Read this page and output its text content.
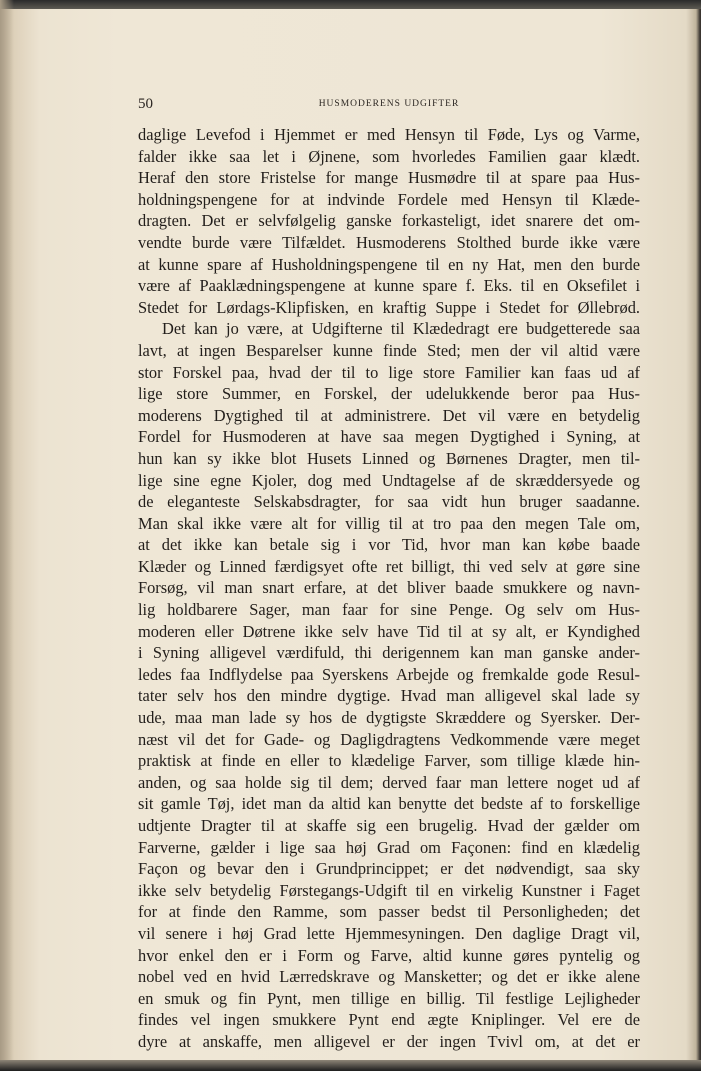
50	HUSMODERENS UDGIFTER
daglige Levefod i Hjemmet er med Hensyn til Føde, Lys og Varme,
falder ikke saa let i Øjnene, som hvorledes Familien gaar klædt.
Heraf den store Fristelse for mange Husmødre til at spare paa Hus-
holdningspengene for at indvinde Fordele med Hensyn til Klæde-
dragten. Det er selvfølgelig ganske forkasteligt, idet snarere det om-
vendte burde være Tilfældet. Husmoderens Stolthed burde ikke være
at kunne spare af Husholdningspengene til en ny Hat, men den burde
være af Paaklædningspengene at kunne spare f. Eks. til en Oksefilet i
Stedet for Lørdags-Klipfisken, en kraftig Suppe i Stedet for Øllebrød.
Det kan jo være, at Udgifterne til Klædedragt ere budgetterede saa
lavt, at ingen Besparelser kunne finde Sted; men der vil altid være
stor Forskel paa, hvad der til to lige store Familier kan faas ud af
lige store Summer, en Forskel, der udelukkende beror paa Hus-
moderens Dygtighed til at administrere. Det vil være en betydelig
Fordel for Husmoderen at have saa megen Dygtighed i Syning, at
hun kan sy ikke blot Husets Linned og Børnenes Dragter, men til-
lige sine egne Kjoler, dog med Undtagelse af de skræddersyede og
de eleganteste Selskabsdragter, for saa vidt hun bruger saadanne.
Man skal ikke være alt for villig til at tro paa den megen Tale om,
at det ikke kan betale sig i vor Tid, hvor man kan købe baade
Klæder og Linned færdigsyet ofte ret billigt, thi ved selv at gøre sine
Forsøg, vil man snart erfare, at det bliver baade smukkere og navn-
lig holdbarere Sager, man faar for sine Penge. Og selv om Hus-
moderen eller Døtrene ikke selv have Tid til at sy alt, er Kyndighed
i Syning alligevel værdifuld, thi derigennem kan man ganske ander-
ledes faa Indflydelse paa Syerskens Arbejde og fremkalde gode Resul-
tater selv hos den mindre dygtige. Hvad man alligevel skal lade sy
ude, maa man lade sy hos de dygtigste Skræddere og Syersker. Der-
næst vil det for Gade- og Dagligdragtens Vedkommende være meget
praktisk at finde en eller to klædelige Farver, som tillige klæde hin-
anden, og saa holde sig til dem; derved faar man lettere noget ud af
sit gamle Tøj, idet man da altid kan benytte det bedste af to forskellige
udtjente Dragter til at skaffe sig een brugelig. Hvad der gælder om
Farverne, gælder i lige saa høj Grad om Façonen: find en klædelig
Façon og bevar den i Grundprincippet; er det nødvendigt, saa sky
ikke selv betydelig Førstegangs-Udgift til en virkelig Kunstner i Faget
for at finde den Ramme, som passer bedst til Personligheden; det
vil senere i høj Grad lette Hjemmesyningen. Den daglige Dragt vil,
hvor enkel den er i Form og Farve, altid kunne gøres pyntelig og
nobel ved en hvid Lærredskrave og Mansketter; og det er ikke alene
en smuk og fin Pynt, men tillige en billig. Til festlige Lejligheder
findes vel ingen smukkere Pynt end ægte Kniplinger. Vel ere de
dyre at anskaffe, men alligevel er der ingen Tvivl om, at det er
